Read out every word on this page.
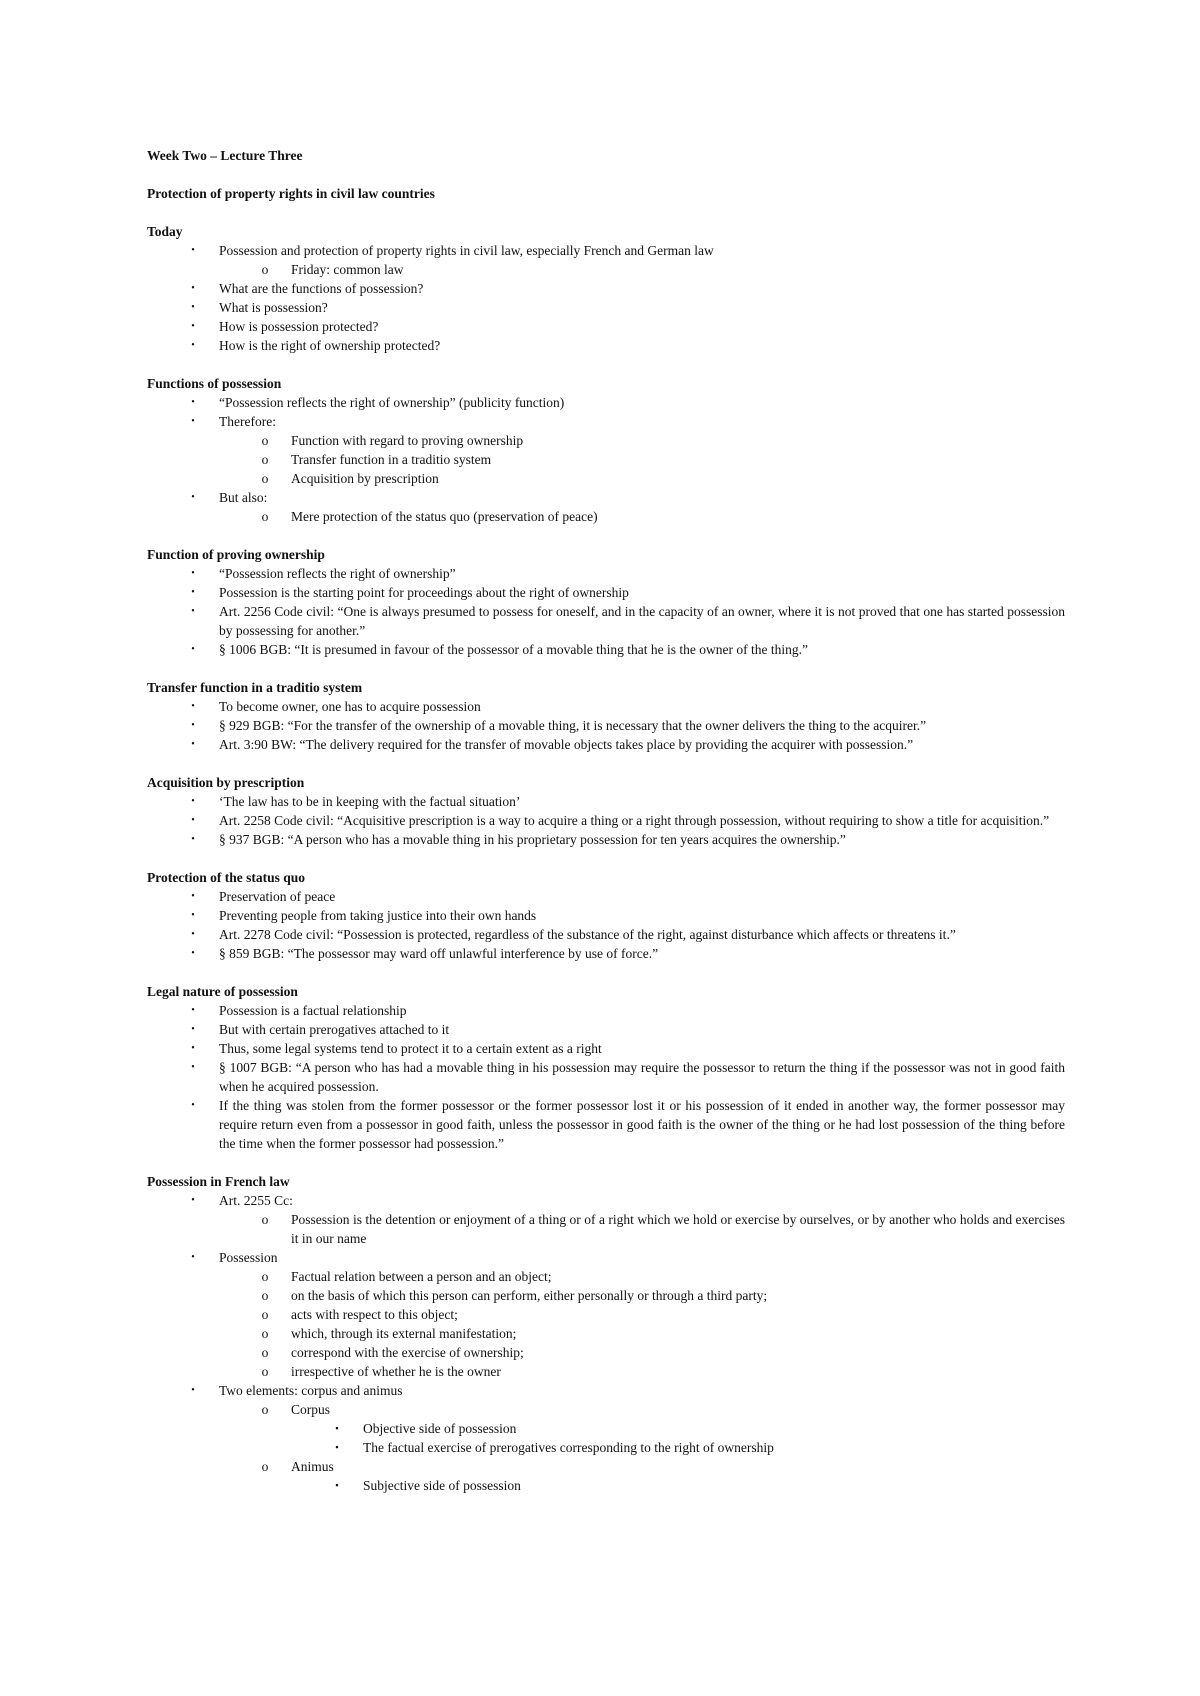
Week Two – Lecture Three

Protection of property rights in civil law countries

Today

•	Possession and protection of property rights in civil law, especially French and German law
o	Friday: common law
•	What are the functions of possession?
•	What is possession?
•	How is possession protected?
•	How is the right of ownership protected?

Functions of possession

•	“Possession reflects the right of ownership” (publicity function)
•	Therefore:
o	Function with regard to proving ownership
o	Transfer function in a traditio system
o	Acquisition by prescription
•	But also:
o	Mere protection of the status quo (preservation of peace)

Function of proving ownership

•	“Possession reflects the right of ownership”
•	Possession is the starting point for proceedings about the right of ownership
•	Art. 2256 Code civil: “One is always presumed to possess for oneself, and in the capacity of an owner, where it is not proved that one has started possession by possessing for another.”
•	§ 1006 BGB: “It is presumed in favour of the possessor of a movable thing that he is the owner of the thing.”

Transfer function in a traditio system

•	To become owner, one has to acquire possession
•	§ 929 BGB: “For the transfer of the ownership of a movable thing, it is necessary that the owner delivers the thing to the acquirer.”
•	Art. 3:90 BW: “The delivery required for the transfer of movable objects takes place by providing the acquirer with possession.”

Acquisition by prescription

•	‘The law has to be in keeping with the factual situation’
•	Art. 2258 Code civil: “Acquisitive prescription is a way to acquire a thing or a right through possession, without requiring to show a title for acquisition.”
•	§ 937 BGB: “A person who has a movable thing in his proprietary possession for ten years acquires the ownership.”

Protection of the status quo

•	Preservation of peace
•	Preventing people from taking justice into their own hands
•	Art. 2278 Code civil: “Possession is protected, regardless of the substance of the right, against disturbance which affects or threatens it.”
•	§ 859 BGB: “The possessor may ward off unlawful interference by use of force.”

Legal nature of possession

•	Possession is a factual relationship
•	But with certain prerogatives attached to it
•	Thus, some legal systems tend to protect it to a certain extent as a right
•	§ 1007 BGB: “A person who has had a movable thing in his possession may require the possessor to return the thing if the possessor was not in good faith when he acquired possession.
•	If the thing was stolen from the former possessor or the former possessor lost it or his possession of it ended in another way, the former possessor may require return even from a possessor in good faith, unless the possessor in good faith is the owner of the thing or he had lost possession of the thing before the time when the former possessor had possession.”

Possession in French law

•	Art. 2255 Cc:
o	Possession is the detention or enjoyment of a thing or of a right which we hold or exercise by ourselves, or by another who holds and exercises it in our name
•	Possession
o	Factual relation between a person and an object;
o	on the basis of which this person can perform, either personally or through a third party;
o	acts with respect to this object;
o	which, through its external manifestation;
o	correspond with the exercise of ownership;
o	irrespective of whether he is the owner
•	Two elements: corpus and animus
o	Corpus
▪	Objective side of possession
▪	The factual exercise of prerogatives corresponding to the right of ownership
o	Animus
▪	Subjective side of possession
